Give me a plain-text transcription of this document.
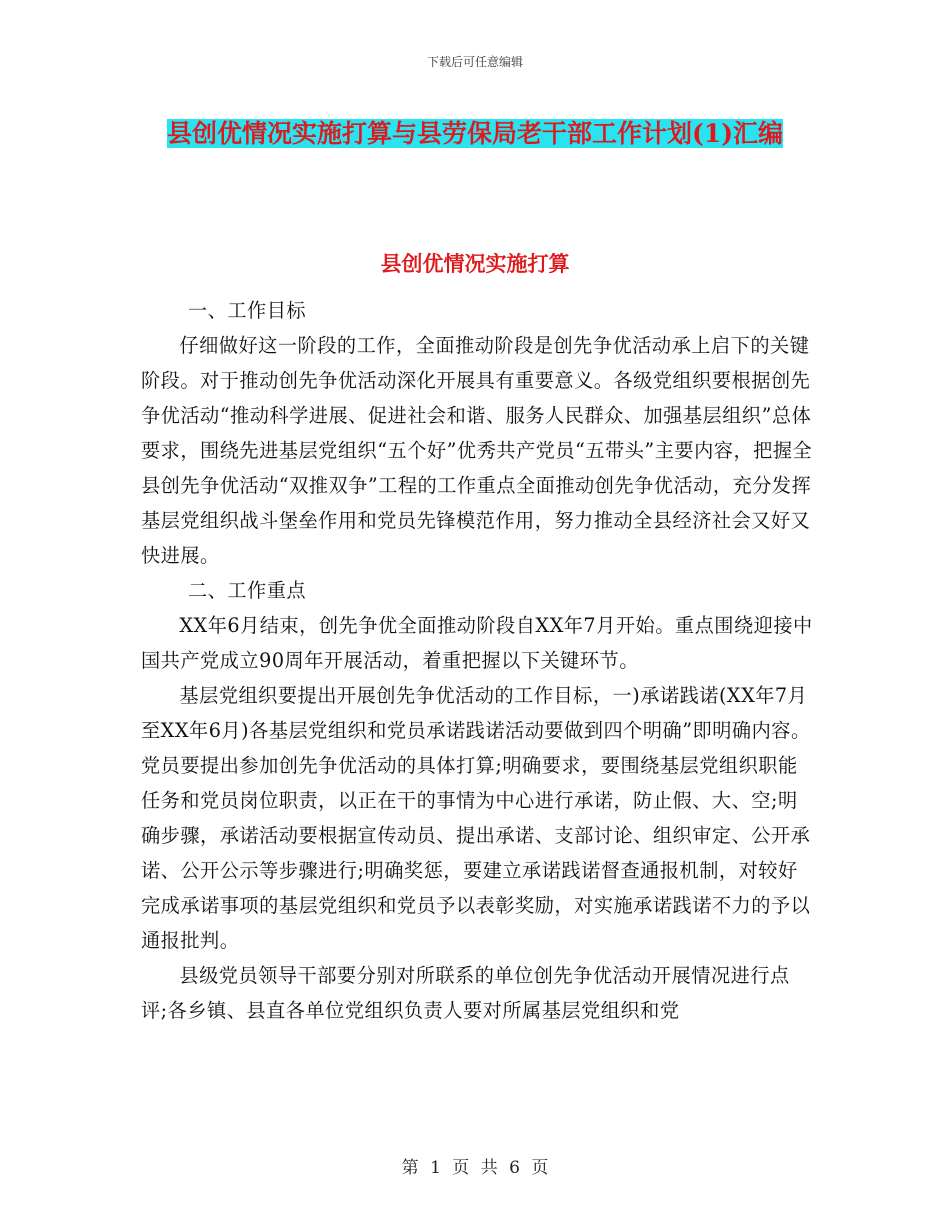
下载后可任意编辑
县创优情况实施打算与县劳保局老干部工作计划(1)汇编
县创优情况实施打算

一、工作目标

仔细做好这一阶段的工作，全面推动阶段是创先争优活动承上启下的关键阶段。对于推动创先争优活动深化开展具有重要意义。各级党组织要根据创先争优活动“推动科学进展、促进社会和谐、服务人民群众、加强基层组织”总体要求，围绕先进基层党组织“五个好”优秀共产党员“五带头”主要内容，把握全县创先争优活动“双推双争”工程的工作重点全面推动创先争优活动，充分发挥基层党组织战斗堡垒作用和党员先锋模范作用，努力推动全县经济社会又好又快进展。

二、工作重点

XX年6月结束，创先争优全面推动阶段自XX年7月开始。重点围绕迎接中国共产党成立90周年开展活动，着重把握以下关键环节。

基层党组织要提出开展创先争优活动的工作目标，一)承诺践诺(XX年7月至XX年6月)各基层党组织和党员承诺践诺活动要做到四个明确”即明确内容。党员要提出参加创先争优活动的具体打算;明确要求，要围绕基层党组织职能任务和党员岗位职责，以正在干的事情为中心进行承诺，防止假、大、空;明确步骤，承诺活动要根据宣传动员、提出承诺、支部讨论、组织审定、公开承诺、公开公示等步骤进行;明确奖惩，要建立承诺践诺督查通报机制，对较好完成承诺事项的基层党组织和党员予以表彰奖励，对实施承诺践诺不力的予以通报批判。

县级党员领导干部要分别对所联系的单位创先争优活动开展情况进行点评;各乡镇、县直各单位党组织负责人要对所属基层党组织和党

第 1 页 共 6 页
